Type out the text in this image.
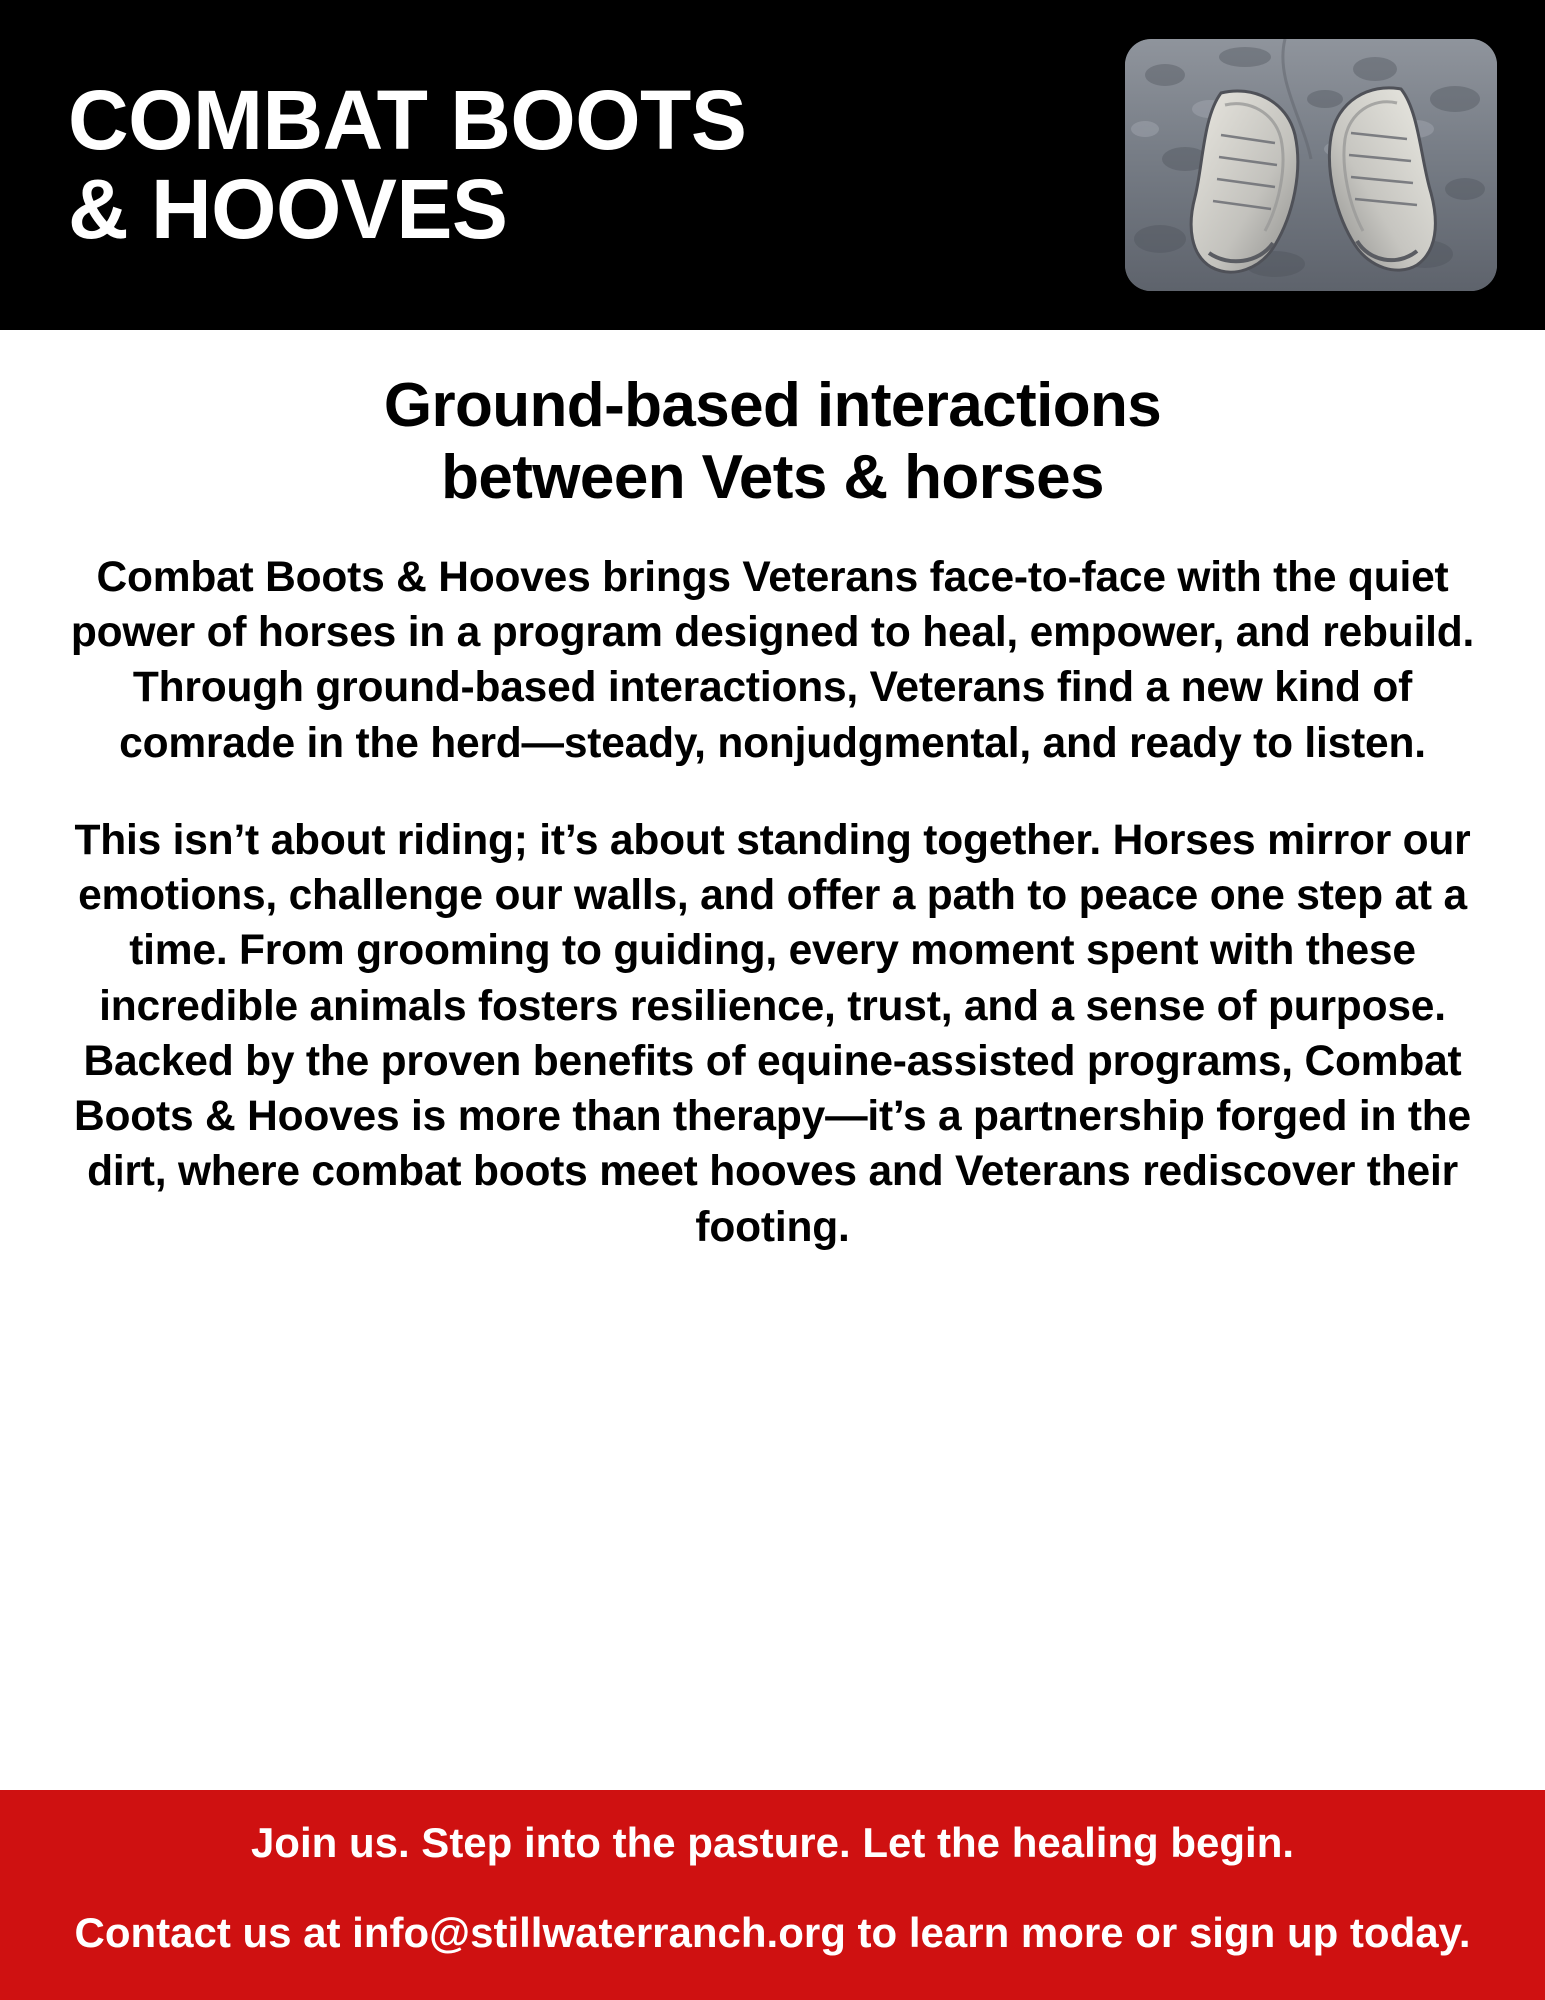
COMBAT BOOTS
& HOOVES
Ground-based interactions
between Vets & horses

Combat Boots & Hooves brings Veterans face-to-face with the quiet power of horses in a program designed to heal, empower, and rebuild. Through ground-based interactions, Veterans find a new kind of comrade in the herd—steady, nonjudgmental, and ready to listen.

This isn’t about riding; it’s about standing together. Horses mirror our emotions, challenge our walls, and offer a path to peace one step at a time. From grooming to guiding, every moment spent with these incredible animals fosters resilience, trust, and a sense of purpose. Backed by the proven benefits of equine-assisted programs, Combat Boots & Hooves is more than therapy—it’s a partnership forged in the dirt, where combat boots meet hooves and Veterans rediscover their footing.

Join us. Step into the pasture. Let the healing begin.
Contact us at info@stillwaterranch.org to learn more or sign up today.
